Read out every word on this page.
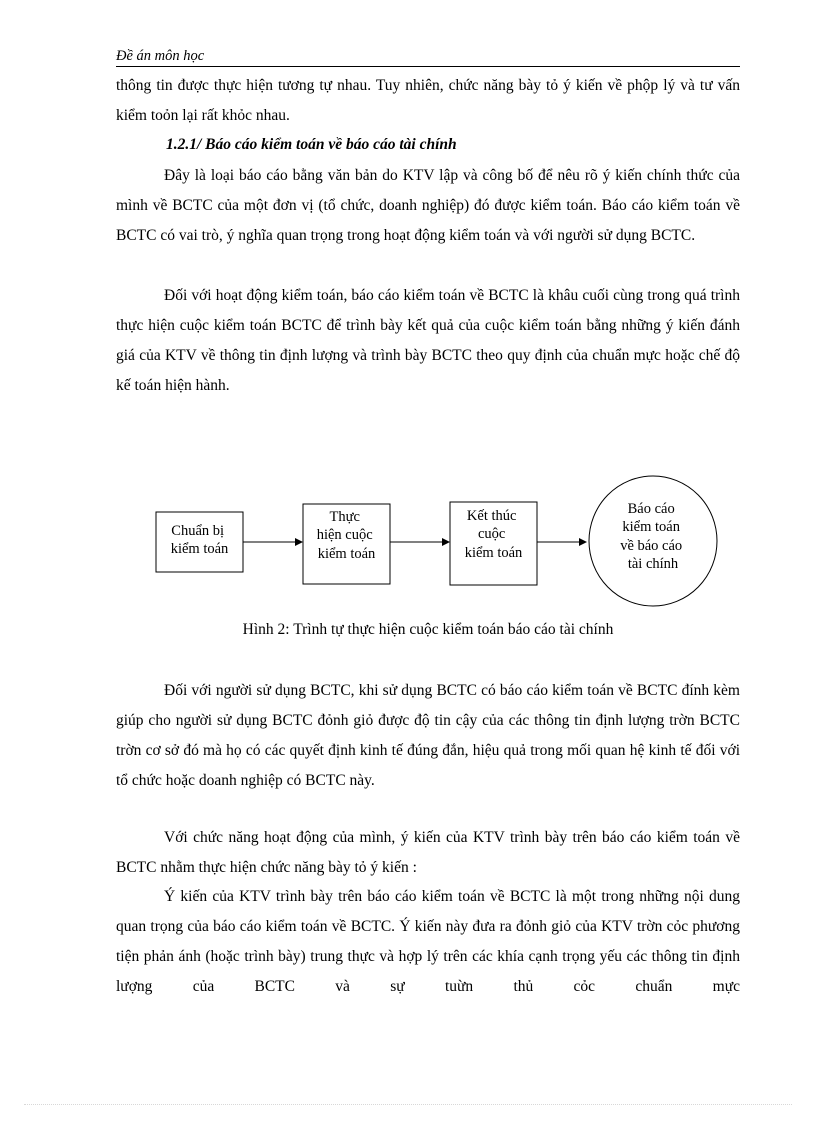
Đề án môn học

thông tin được thực hiện tương tự nhau. Tuy nhiên, chức năng bày tỏ ý kiến về phộp lý và tư vấn kiểm toỏn lại rất khỏc nhau.

1.2.1/ Báo cáo kiểm toán về báo cáo tài chính

Đây là loại báo cáo bằng văn bản do KTV lập và công bố để nêu rõ ý kiến chính thức của mình về BCTC của một đơn vị (tổ chức, doanh nghiệp) đó được kiểm toán. Báo cáo kiểm toán về BCTC có vai trò, ý nghĩa quan trọng trong hoạt động kiểm toán và với người sử dụng BCTC.

Đối với hoạt động kiểm toán, báo cáo kiểm toán về BCTC là khâu cuối cùng trong quá trình thực hiện cuộc kiểm toán BCTC để trình bày kết quả của cuộc kiểm toán bằng những ý kiến đánh giá của KTV về thông tin định lượng và trình bày BCTC theo quy định của chuẩn mực hoặc chế độ kế toán hiện hành.

Chuẩn bị kiểm toán
Thực hiện cuộc kiểm toán
Kết thúc cuộc kiểm toán
Báo cáo kiểm toán về báo cáo tài chính
Hình 2: Trình tự thực hiện cuộc kiểm toán báo cáo tài chính

Đối với người sử dụng BCTC, khi sử dụng BCTC có báo cáo kiểm toán về BCTC đính kèm giúp cho người sử dụng BCTC đỏnh giỏ được độ tin cậy của các thông tin định lượng trờn BCTC trờn cơ sở đó mà họ có các quyết định kinh tế đúng đắn, hiệu quả trong mối quan hệ kinh tế đối với tổ chức hoặc doanh nghiệp có BCTC này.

Với chức năng hoạt động của mình, ý kiến của KTV trình bày trên báo cáo kiểm toán về BCTC nhằm thực hiện chức năng bày tỏ ý kiến :

Ý kiến của KTV trình bày trên báo cáo kiểm toán về BCTC là một trong những nội dung quan trọng của báo cáo kiểm toán về BCTC. Ý kiến này đưa ra đỏnh giỏ của KTV trờn cỏc phương tiện phản ánh (hoặc trình bày) trung thực và hợp lý trên các khía cạnh trọng yếu các thông tin định lượng của BCTC và sự tuừn thủ cỏc chuẩn mực
